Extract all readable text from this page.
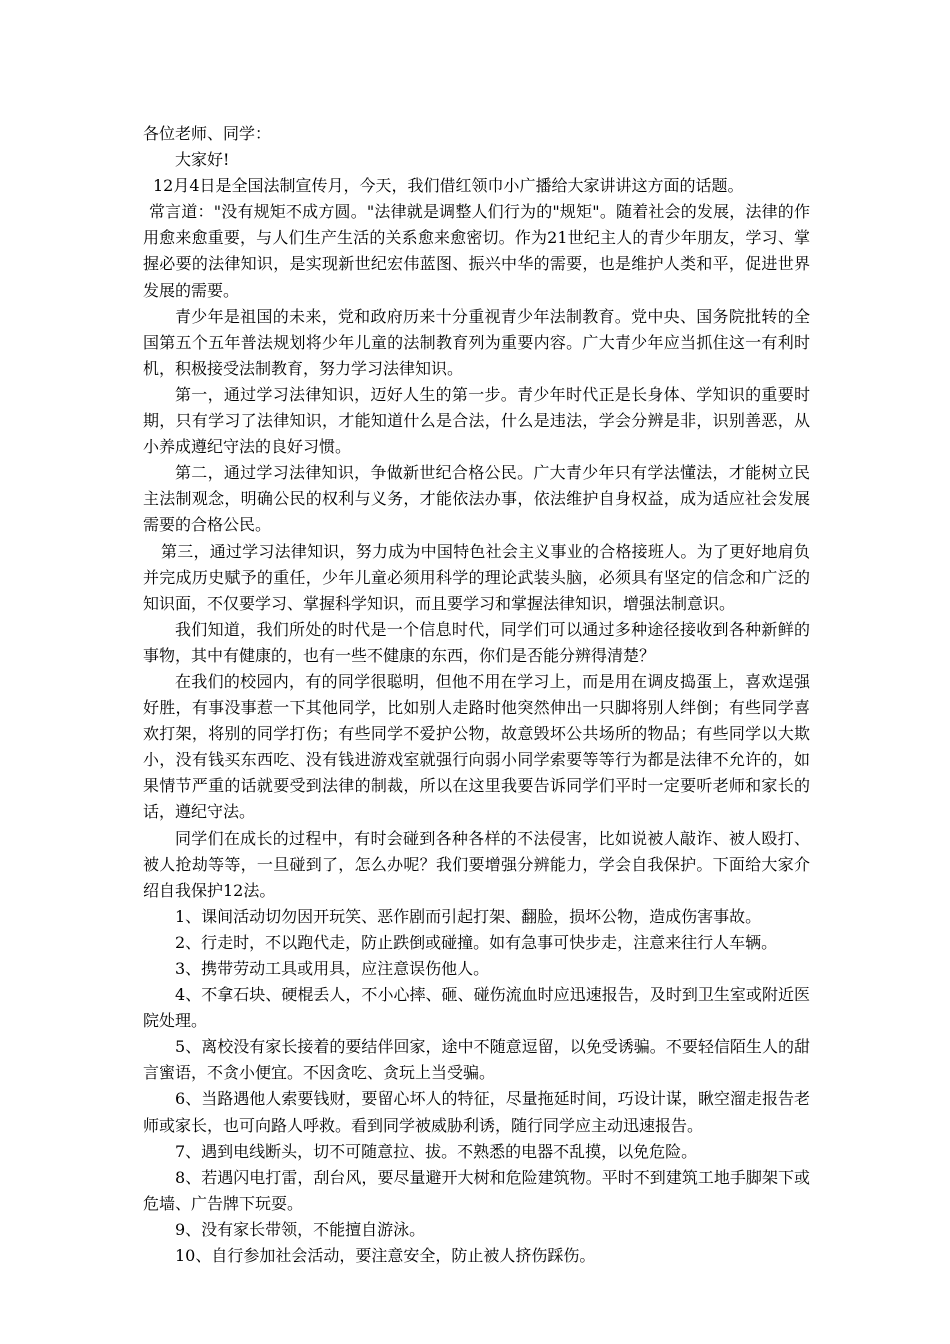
各位老师、同学：

大家好!

12月4日是全国法制宣传月，今天，我们借红领巾小广播给大家讲讲这方面的话题。

常言道："没有规矩不成方圆。"法律就是调整人们行为的"规矩"。随着社会的发展，法律的作用愈来愈重要，与人们生产生活的关系愈来愈密切。作为21世纪主人的青少年朋友，学习、掌握必要的法律知识，是实现新世纪宏伟蓝图、振兴中华的需要，也是维护人类和平，促进世界发展的需要。

青少年是祖国的未来，党和政府历来十分重视青少年法制教育。党中央、国务院批转的全国第五个五年普法规划将少年儿童的法制教育列为重要内容。广大青少年应当抓住这一有利时机，积极接受法制教育，努力学习法律知识。

第一，通过学习法律知识，迈好人生的第一步。青少年时代正是长身体、学知识的重要时期，只有学习了法律知识，才能知道什么是合法，什么是违法，学会分辨是非，识别善恶，从小养成遵纪守法的良好习惯。

第二，通过学习法律知识，争做新世纪合格公民。广大青少年只有学法懂法，才能树立民主法制观念，明确公民的权利与义务，才能依法办事，依法维护自身权益，成为适应社会发展需要的合格公民。

第三，通过学习法律知识，努力成为中国特色社会主义事业的合格接班人。为了更好地肩负并完成历史赋予的重任，少年儿童必须用科学的理论武装头脑，必须具有坚定的信念和广泛的知识面，不仅要学习、掌握科学知识，而且要学习和掌握法律知识，增强法制意识。

我们知道，我们所处的时代是一个信息时代，同学们可以通过多种途径接收到各种新鲜的事物，其中有健康的，也有一些不健康的东西，你们是否能分辨得清楚？

在我们的校园内，有的同学很聪明，但他不用在学习上，而是用在调皮捣蛋上，喜欢逞强好胜，有事没事惹一下其他同学，比如别人走路时他突然伸出一只脚将别人绊倒；有些同学喜欢打架，将别的同学打伤；有些同学不爱护公物，故意毁坏公共场所的物品；有些同学以大欺小，没有钱买东西吃、没有钱进游戏室就强行向弱小同学索要等等行为都是法律不允许的，如果情节严重的话就要受到法律的制裁，所以在这里我要告诉同学们平时一定要听老师和家长的话，遵纪守法。

同学们在成长的过程中，有时会碰到各种各样的不法侵害，比如说被人敲诈、被人殴打、被人抢劫等等，一旦碰到了，怎么办呢？我们要增强分辨能力，学会自我保护。下面给大家介绍自我保护12法。

1、课间活动切勿因开玩笑、恶作剧而引起打架、翻脸，损坏公物，造成伤害事故。

2、行走时，不以跑代走，防止跌倒或碰撞。如有急事可快步走，注意来往行人车辆。

3、携带劳动工具或用具，应注意误伤他人。

4、不拿石块、硬棍丢人，不小心摔、砸、碰伤流血时应迅速报告，及时到卫生室或附近医院处理。

5、离校没有家长接着的要结伴回家，途中不随意逗留，以免受诱骗。不要轻信陌生人的甜言蜜语，不贪小便宜。不因贪吃、贪玩上当受骗。

6、当路遇他人索要钱财，要留心坏人的特征，尽量拖延时间，巧设计谋，瞅空溜走报告老师或家长，也可向路人呼救。看到同学被威胁利诱，随行同学应主动迅速报告。

7、遇到电线断头，切不可随意拉、拔。不熟悉的电器不乱摸，以免危险。

8、若遇闪电打雷，刮台风，要尽量避开大树和危险建筑物。平时不到建筑工地手脚架下或危墙、广告牌下玩耍。

9、没有家长带领，不能擅自游泳。

10、自行参加社会活动，要注意安全，防止被人挤伤踩伤。
